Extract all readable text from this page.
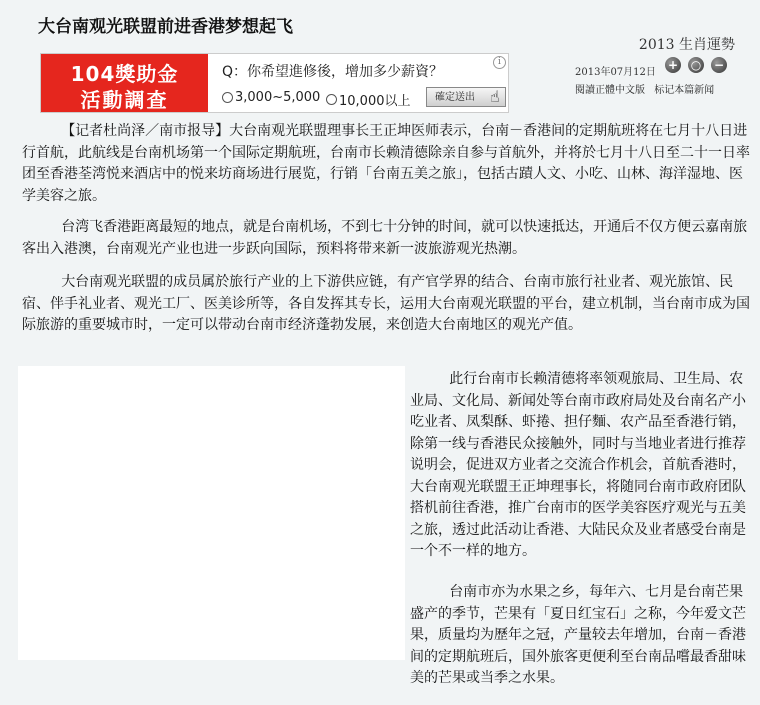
大台南观光联盟前进香港梦想起飞
104獎助金
活動調查
Q：你希望進修後，增加多少薪資？
i
3,000~5,000 10,000以上	確定送出 ☝
2013 生肖運勢
2013年07月12日
+ ○ −
閱讀正體中文版 标记本篇新闻
【记者杜尚泽／南市报导】大台南观光联盟理事长王正坤医师表示，台南－香港间的定期航班将在七月十八日进行首航，此航线是台南机场第一个国际定期航班，台南市长赖清德除亲自参与首航外，并将於七月十八日至二十一日率团至香港荃湾悦来酒店中的悦来坊商场进行展览，行销「台南五美之旅」，包括古蹟人文、小吃、山林、海洋湿地、医学美容之旅。
台湾飞香港距离最短的地点，就是台南机场，不到七十分钟的时间，就可以快速抵达，开通后不仅方便云嘉南旅客出入港澳，台南观光产业也进一步跃向国际，预料将带来新一波旅游观光热潮。
大台南观光联盟的成员属於旅行产业的上下游供应链，有产官学界的结合、台南市旅行社业者、观光旅馆、民宿、伴手礼业者、观光工厂、医美诊所等，各自发挥其专长，运用大台南观光联盟的平台，建立机制，当台南市成为国际旅游的重要城市时，一定可以带动台南市经济蓬勃发展，来创造大台南地区的观光产值。
此行台南市长赖清德将率领观旅局、卫生局、农业局、文化局、新闻处等台南市政府局处及台南名产小吃业者、凤梨酥、虾捲、担仔麵、农产品至香港行销，除第一线与香港民众接触外，同时与当地业者进行推荐说明会，促进双方业者之交流合作机会，首航香港时，大台南观光联盟王正坤理事长，将随同台南市政府团队搭机前往香港，推广台南市的医学美容医疗观光与五美之旅，透过此活动让香港、大陆民众及业者感受台南是一个不一样的地方。
台南市亦为水果之乡，每年六、七月是台南芒果盛产的季节，芒果有「夏日红宝石」之称，今年爱文芒果，质量均为歷年之冠，产量较去年增加，台南－香港间的定期航班后，国外旅客更便利至台南品嚐最香甜味美的芒果或当季之水果。
